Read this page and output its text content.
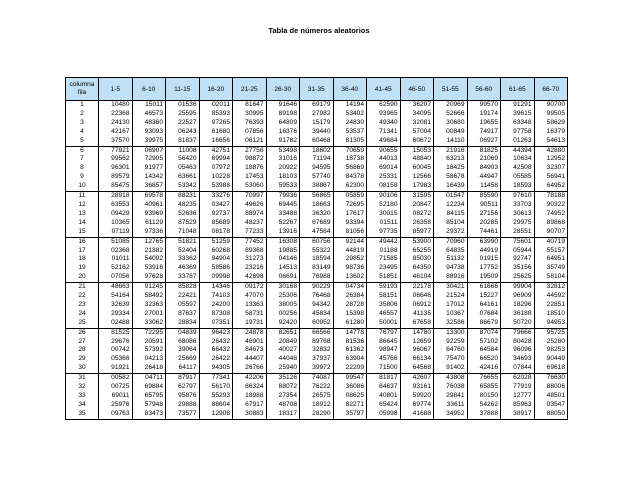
Tabla de números aleatorios
columna
fila	1-5	6-10	11-15	16-20	21-25	26-30	31-35	36-40	41-45	46-50	51-55	56-60	61-65	66-70
1	10480	15011	01536	02011	81647	91646	69179	14194	62590	36207	20969	99570	91291	90700
2	22368	46573	25595	85393	30995	89198	27982	53402	93965	34095	52666	19174	39615	99505
3	24130	48360	22527	97265	76393	64809	15179	24830	49340	32081	30680	19655	63348	58629
4	42167	93093	06243	61680	07856	16376	39440	53537	71341	57004	00849	74917	97758	16379
5	37570	39975	81837	16656	06121	91782	60468	81305	49684	60672	14110	06927	01263	54613
6	77921	06907	11008	42751	27756	53498	18602	70659	90655	15053	21916	81825	44394	42880
7	99562	72905	56420	69994	98872	31016	71194	18738	44013	48840	63213	21069	10634	12952
8	96301	91977	05463	07972	18876	20922	94595	56869	69014	60045	18425	84903	42508	32307
9	89579	14342	63661	10228	17453	18103	57740	84378	25331	12566	58678	44947	05585	56941
10	85475	36857	53342	53988	53060	59533	38867	62300	08158	17983	16439	11458	18593	64952
11	28918	69578	88231	33276	70997	79936	56865	05859	90106	31595	01547	85590	97610	78188
12	63553	40961	48235	03427	49626	69445	18663	72695	52180	20847	12234	90511	33703	90322
13	09429	93969	52636	92737	88974	33488	36320	17617	30015	08272	84115	27156	30613	74952
14	10365	61129	87529	85689	48237	52267	67689	93394	01511	26358	85104	20285	29975	89868
15	07119	97336	71048	08178	77233	13916	47564	81056	97735	85977	29372	74461	28551	90707
16	51085	12765	51821	51259	77452	16308	60756	92144	49442	53900	70960	63990	75601	40719
17	02368	21382	52404	60268	89368	19885	55322	44819	01188	65255	64835	44919	05944	55157
18	01011	54092	33362	94904	31273	04146	18594	29852	71585	85030	51132	01915	92747	64951
19	52162	53916	46369	58586	23216	14513	83149	98736	23495	64350	94738	17752	35156	35749
20	07056	97628	33787	09998	42698	06691	76988	13602	51851	46104	88916	19509	25625	58104
21	48663	91245	85828	14346	09172	30168	90229	04734	59193	22178	30421	61666	99904	32812
22	54164	58492	22421	74103	47070	25306	76468	26384	58151	06646	21524	15227	96909	44592
23	32639	32363	05597	24200	13363	38005	94342	28728	35806	06912	17012	64161	18296	22851
24	29334	27001	87637	87308	58731	00256	45834	15398	46557	41135	10367	07684	36188	18510
25	02488	33062	28834	07351	19731	92420	60952	61280	50001	67658	32586	86679	50720	94953
26	81525	72295	04839	96423	24878	82651	66566	14778	76797	14780	13300	87074	79666	95725
27	29676	20591	68086	26432	46901	20849	89768	81536	86645	12659	92259	57102	80428	25280
28	00742	57392	39064	66432	84673	40027	32832	61362	98947	96067	64760	64584	96096	98253
29	05366	04213	25669	26422	44407	44048	37937	63904	45766	66134	75470	66520	34693	90449
30	91921	26418	64117	94305	26766	25940	39972	22209	71500	64568	91402	42416	07844	69618
31	00582	04711	87917	77341	42206	35126	74087	99547	81817	42607	43808	76655	62028	76630
32	00725	69884	62797	56170	86324	88072	76222	36086	84637	93161	76038	65855	77919	88006
33	69011	65795	95876	55293	18988	27354	26575	08625	40801	59920	29841	80150	12777	48501
34	25976	57948	29888	88604	67917	48708	18912	82271	65424	69774	33611	54262	85963	03547
35	09763	83473	73577	12908	30883	18317	28290	35797	05998	41688	34952	37888	38917	88050
